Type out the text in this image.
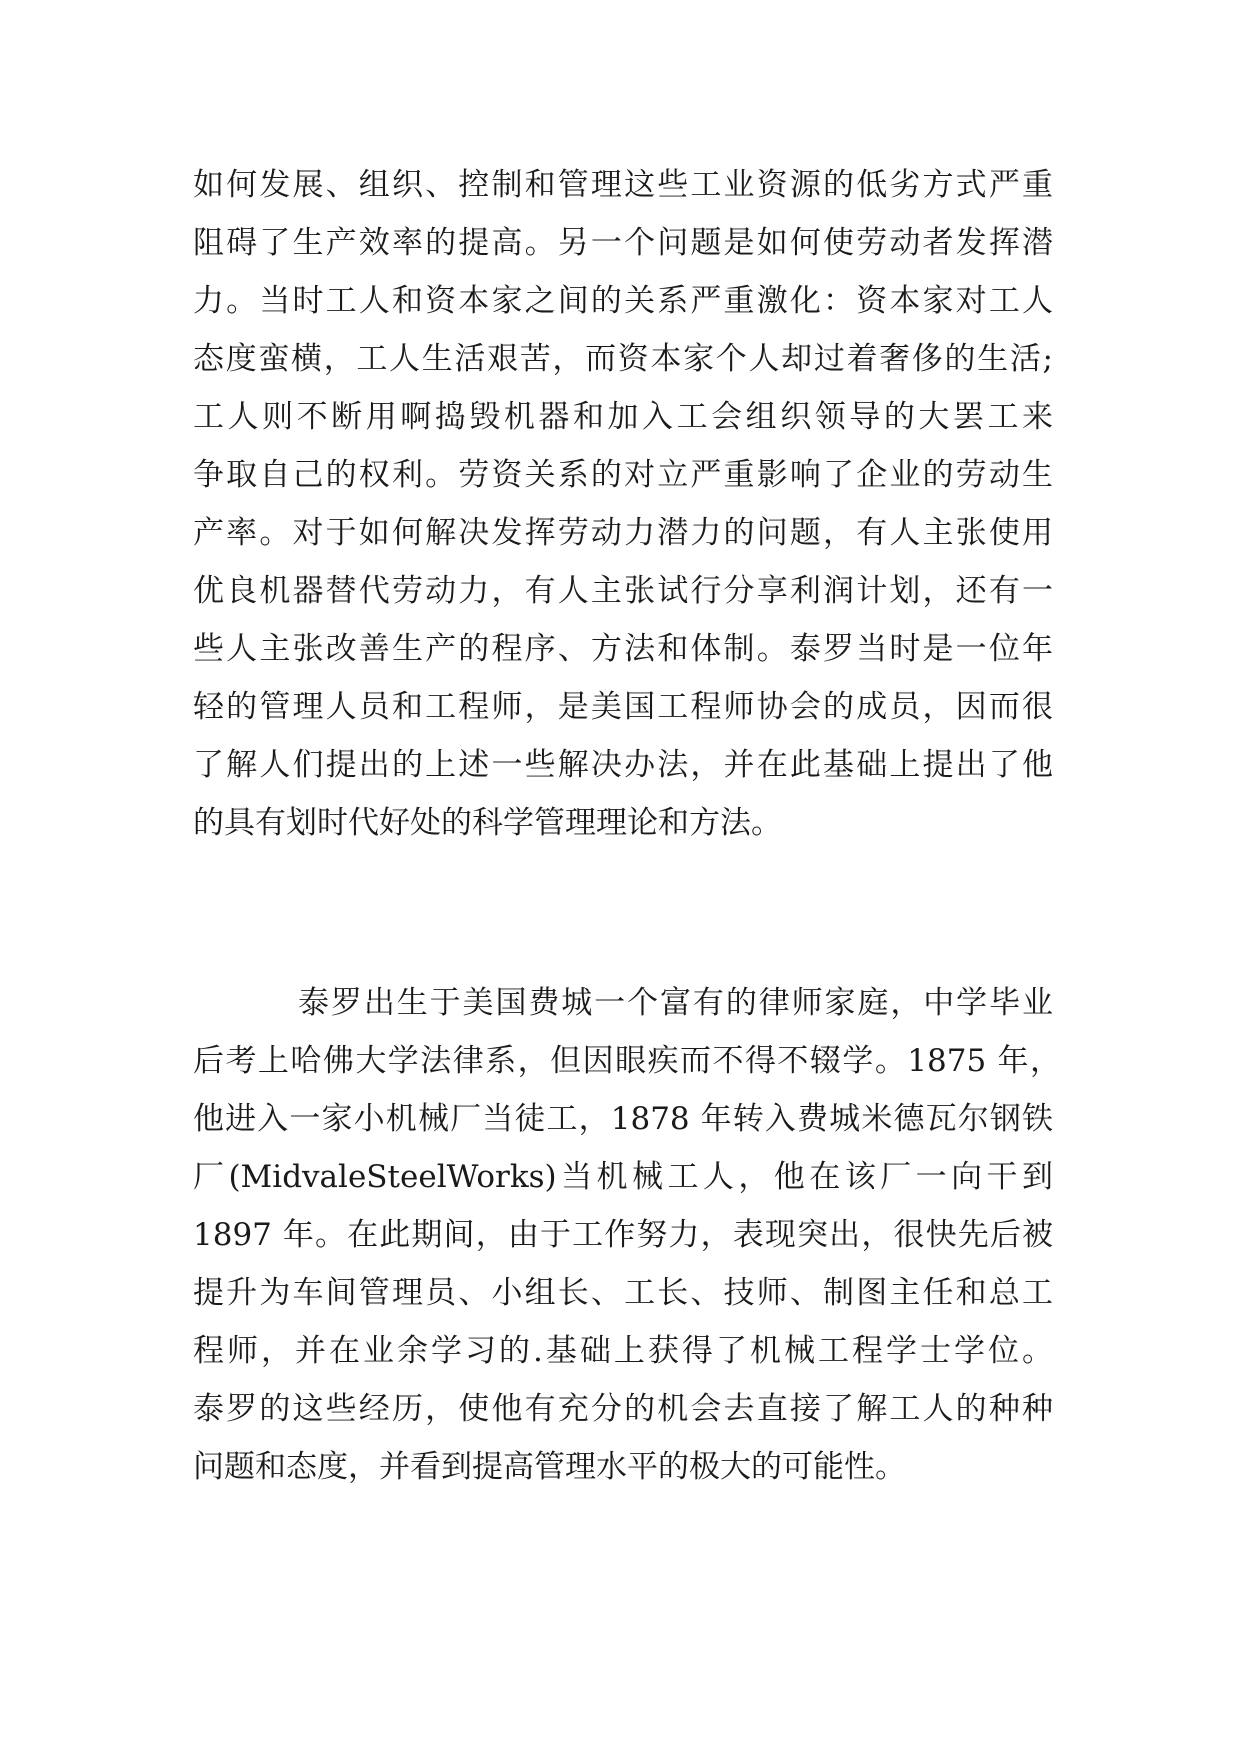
如何发展、组织、控制和管理这些工业资源的低劣方式严重
阻碍了生产效率的提高。另一个问题是如何使劳动者发挥潜
力。当时工人和资本家之间的关系严重激化：资本家对工人
态度蛮横，工人生活艰苦，而资本家个人却过着奢侈的生活;
工人则不断用啊捣毁机器和加入工会组织领导的大罢工来
争取自己的权利。劳资关系的对立严重影响了企业的劳动生
产率。对于如何解决发挥劳动力潜力的问题，有人主张使用
优良机器替代劳动力，有人主张试行分享利润计划，还有一
些人主张改善生产的程序、方法和体制。泰罗当时是一位年
轻的管理人员和工程师，是美国工程师协会的成员，因而很
了解人们提出的上述一些解决办法，并在此基础上提出了他
的具有划时代好处的科学管理理论和方法。
泰罗出生于美国费城一个富有的律师家庭，中学毕业
后考上哈佛大学法律系，但因眼疾而不得不辍学。1875 年，
他进入一家小机械厂当徒工，1878 年转入费城米德瓦尔钢铁
厂(MidvaleSteelWorks)当机械工人，他在该厂一向干到
1897 年。在此期间，由于工作努力，表现突出，很快先后被
提升为车间管理员、小组长、工长、技师、制图主任和总工
程师，并在业余学习的.基础上获得了机械工程学士学位。
泰罗的这些经历，使他有充分的机会去直接了解工人的种种
问题和态度，并看到提高管理水平的极大的可能性。
